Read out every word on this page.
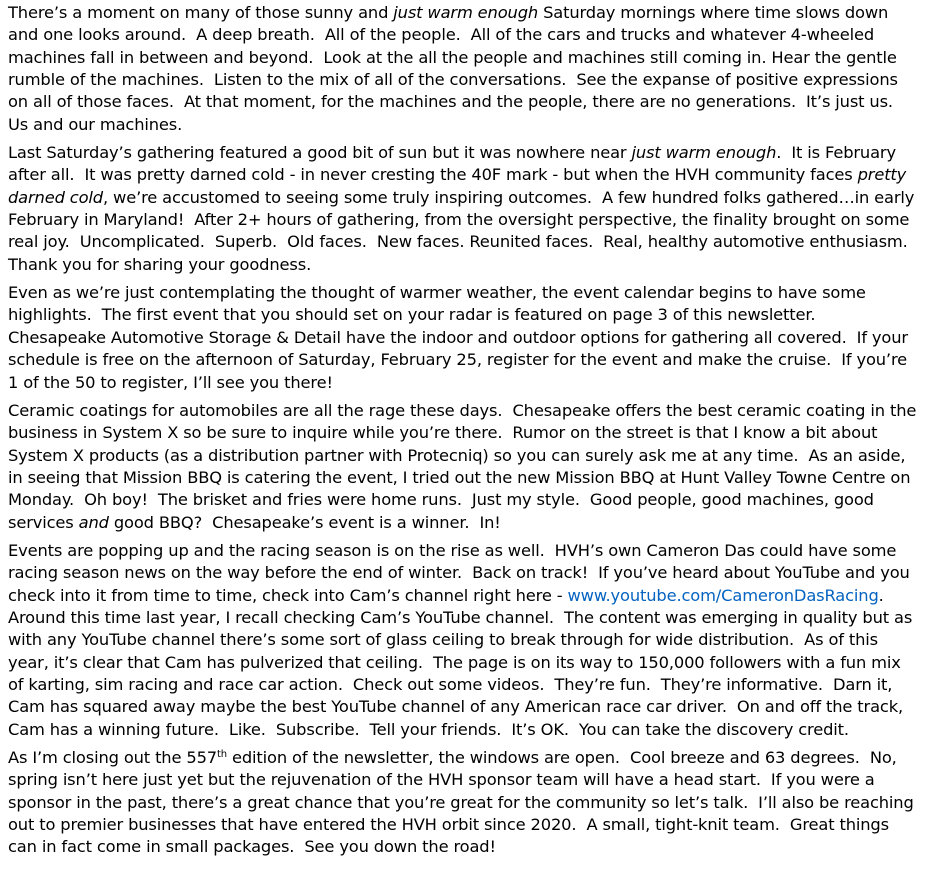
There’s a moment on many of those sunny and just warm enough Saturday mornings where time slows down and one looks around.  A deep breath.  All of the people.  All of the cars and trucks and whatever 4-wheeled machines fall in between and beyond.  Look at the all the people and machines still coming in. Hear the gentle rumble of the machines.  Listen to the mix of all of the conversations.  See the expanse of positive expressions on all of those faces.  At that moment, for the machines and the people, there are no generations.  It’s just us.  Us and our machines.

Last Saturday’s gathering featured a good bit of sun but it was nowhere near just warm enough.  It is February after all.  It was pretty darned cold - in never cresting the 40F mark - but when the HVH community faces pretty darned cold, we’re accustomed to seeing some truly inspiring outcomes.  A few hundred folks gathered…in early February in Maryland!  After 2+ hours of gathering, from the oversight perspective, the finality brought on some real joy.  Uncomplicated.  Superb.  Old faces.  New faces. Reunited faces.  Real, healthy automotive enthusiasm.  Thank you for sharing your goodness.

Even as we’re just contemplating the thought of warmer weather, the event calendar begins to have some highlights.  The first event that you should set on your radar is featured on page 3 of this newsletter.  Chesapeake Automotive Storage & Detail have the indoor and outdoor options for gathering all covered.  If your schedule is free on the afternoon of Saturday, February 25, register for the event and make the cruise.  If you’re 1 of the 50 to register, I’ll see you there!

Ceramic coatings for automobiles are all the rage these days.  Chesapeake offers the best ceramic coating in the business in System X so be sure to inquire while you’re there.  Rumor on the street is that I know a bit about System X products (as a distribution partner with Protecniq) so you can surely ask me at any time.  As an aside, in seeing that Mission BBQ is catering the event, I tried out the new Mission BBQ at Hunt Valley Towne Centre on Monday.  Oh boy!  The brisket and fries were home runs.  Just my style.  Good people, good machines, good services and good BBQ?  Chesapeake’s event is a winner.  In!

Events are popping up and the racing season is on the rise as well.  HVH’s own Cameron Das could have some racing season news on the way before the end of winter.  Back on track!  If you’ve heard about YouTube and you check into it from time to time, check into Cam’s channel right here - www.youtube.com/CameronDasRacing.  Around this time last year, I recall checking Cam’s YouTube channel.  The content was emerging in quality but as with any YouTube channel there’s some sort of glass ceiling to break through for wide distribution.  As of this year, it’s clear that Cam has pulverized that ceiling.  The page is on its way to 150,000 followers with a fun mix of karting, sim racing and race car action.  Check out some videos.  They’re fun.  They’re informative.  Darn it, Cam has squared away maybe the best YouTube channel of any American race car driver.  On and off the track, Cam has a winning future.  Like.  Subscribe.  Tell your friends.  It’s OK.  You can take the discovery credit.

As I’m closing out the 557th edition of the newsletter, the windows are open.  Cool breeze and 63 degrees.  No, spring isn’t here just yet but the rejuvenation of the HVH sponsor team will have a head start.  If you were a sponsor in the past, there’s a great chance that you’re great for the community so let’s talk.  I’ll also be reaching out to premier businesses that have entered the HVH orbit since 2020.  A small, tight-knit team.  Great things can in fact come in small packages.  See you down the road!
